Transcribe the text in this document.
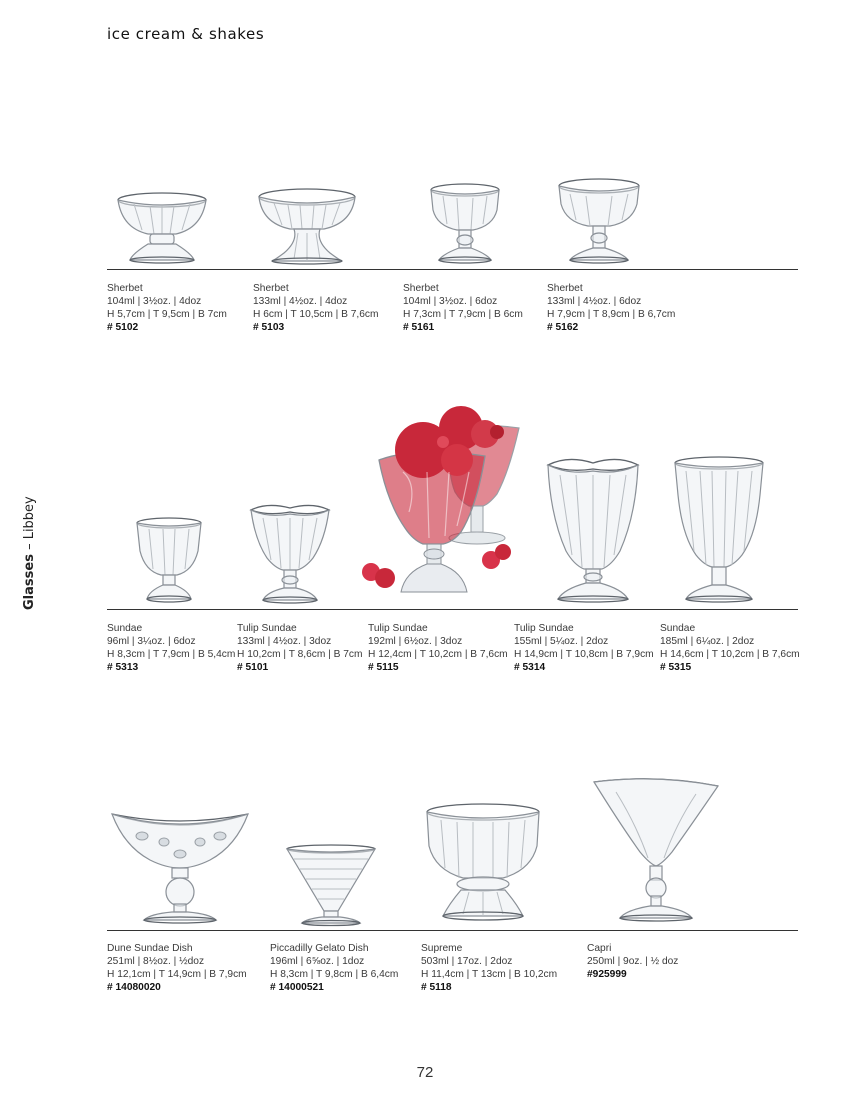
ice cream & shakes
Glasses – Libbey
Sherbet
104ml | 3½oz. | 4doz
H 5,7cm | T 9,5cm | B 7cm
# 5102
Sherbet
133ml | 4½oz. | 4doz
H 6cm | T 10,5cm | B 7,6cm
# 5103
Sherbet
104ml | 3½oz. | 6doz
H 7,3cm | T 7,9cm | B 6cm
# 5161
Sherbet
133ml | 4½oz. | 6doz
H 7,9cm | T 8,9cm | B 6,7cm
# 5162
Sundae
96ml | 3¼oz. | 6doz
H 8,3cm | T 7,9cm | B 5,4cm
# 5313
Tulip Sundae
133ml | 4½oz. | 3doz
H 10,2cm | T 8,6cm | B 7cm
# 5101
Tulip Sundae
192ml | 6½oz. | 3doz
H 12,4cm | T 10,2cm | B 7,6cm
# 5115
Tulip Sundae
155ml | 5¼oz. | 2doz
H 14,9cm | T 10,8cm | B 7,9cm
# 5314
Sundae
185ml | 6¼oz. | 2doz
H 14,6cm | T 10,2cm | B 7,6cm
# 5315
Dune Sundae Dish
251ml | 8½oz. | ½doz
H 12,1cm | T 14,9cm | B 7,9cm
# 14080020
Piccadilly Gelato Dish
196ml | 6⅝oz. | 1doz
H 8,3cm | T 9,8cm | B 6,4cm
# 14000521
Supreme
503ml | 17oz. | 2doz
H 11,4cm | T 13cm | B 10,2cm
# 5118
Capri
250ml | 9oz. | ½ doz
#925999
72
